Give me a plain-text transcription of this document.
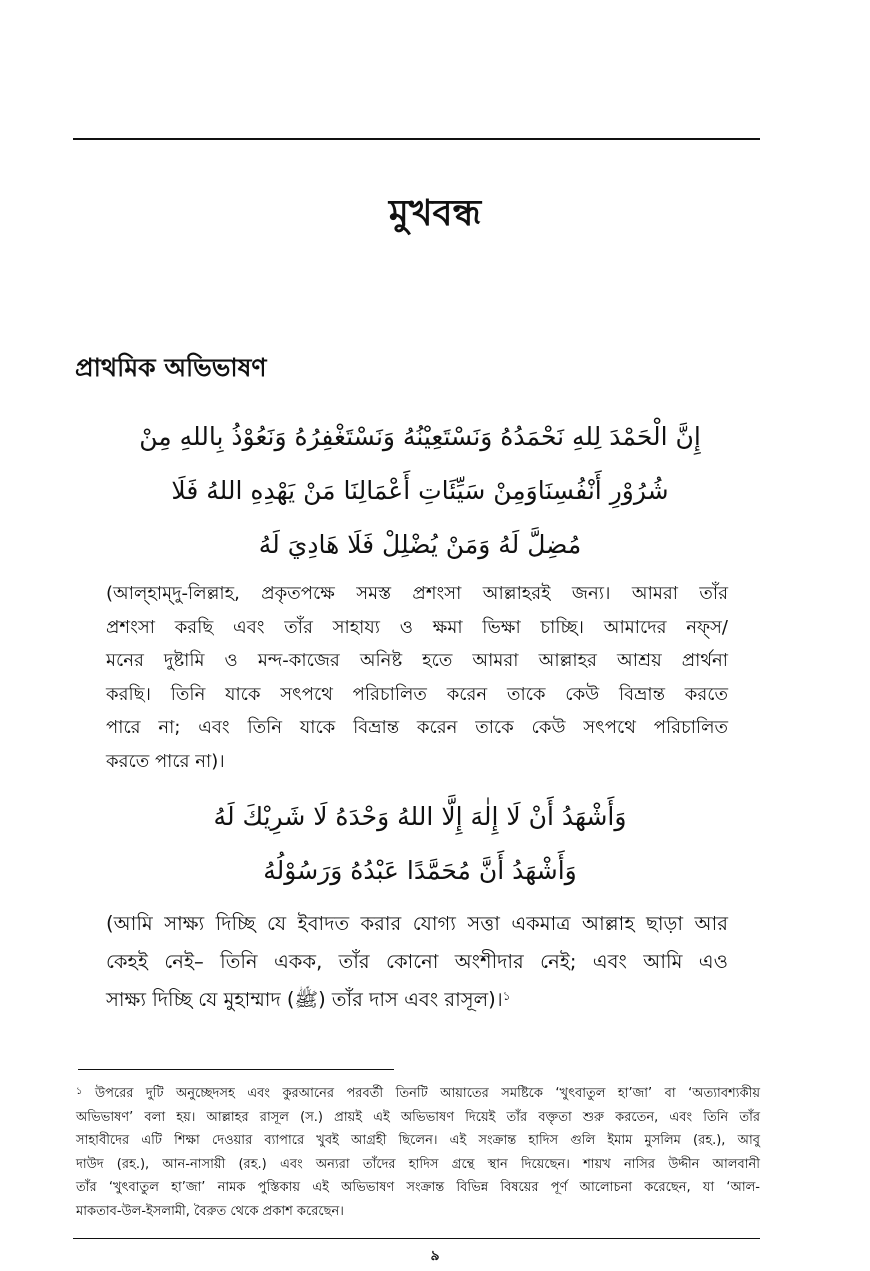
মুখবন্ধ
প্রাথমিক অভিভাষণ
إِنَّ الْحَمْدَ لِلهِ نَحْمَدُهُ وَنَسْتَعِيْنُهُ وَنَسْتَغْفِرُهُ وَنَعُوْذُ بِاللهِ مِنْ
شُرُوْرِ أَنْفُسِنَاوَمِنْ سَيِّئَاتِ أَعْمَالِنَا مَنْ يَهْدِهِ اللهُ فَلَا
مُضِلَّ لَهُ وَمَنْ يُضْلِلْ فَلَا هَادِيَ لَهُ
(আল্‌হাম্‌দু-লিল্লাহ, প্রকৃতপক্ষে সমস্ত প্রশংসা আল্লাহরই জন্য। আমরা তাঁর
প্রশংসা করছি এবং তাঁর সাহায্য ও ক্ষমা ভিক্ষা চাচ্ছি। আমাদের নফ্‌স/
মনের দুষ্টামি ও মন্দ-কাজের অনিষ্ট হতে আমরা আল্লাহর আশ্রয় প্রার্থনা
করছি। তিনি যাকে সৎপথে পরিচালিত করেন তাকে কেউ বিভ্রান্ত করতে
পারে না; এবং তিনি যাকে বিভ্রান্ত করেন তাকে কেউ সৎপথে পরিচালিত
করতে পারে না)।
وَأَشْهَدُ أَنْ لَا إِلٰهَ إِلَّا اللهُ وَحْدَهُ لَا شَرِيْكَ لَهُ
وَأَشْهَدُ أَنَّ مُحَمَّدًا عَبْدُهُ وَرَسُوْلُهُ
(আমি সাক্ষ্য দিচ্ছি যে ইবাদত করার যোগ্য সত্তা একমাত্র আল্লাহ ছাড়া আর
কেহই নেই– তিনি একক, তাঁর কোনো অংশীদার নেই; এবং আমি এও
সাক্ষ্য দিচ্ছি যে মুহাম্মাদ (ﷺ) তাঁর দাস এবং রাসূল)।$^১$
$^১$ উপরের দুটি অনুচ্ছেদসহ এবং কুরআনের পরবর্তী তিনটি আয়াতের সমষ্টিকে ‘খুৎবাতুল হা’জা’ বা ‘অত্যাবশ্যকীয়
অভিভাষণ’ বলা হয়। আল্লাহর রাসূল (স.) প্রায়ই এই অভিভাষণ দিয়েই তাঁর বক্তৃতা শুরু করতেন, এবং তিনি তাঁর
সাহাবীদের এটি শিক্ষা দেওয়ার ব্যাপারে খুবই আগ্রহী ছিলেন। এই সংক্রান্ত হাদিস গুলি ইমাম মুসলিম (রহ.), আবু
দাউদ (রহ.), আন-নাসায়ী (রহ.) এবং অন্যরা তাঁদের হাদিস গ্রন্থে স্থান দিয়েছেন। শায়খ নাসির উদ্দীন আলবানী
তাঁর ‘খুৎবাতুল হা’জা’ নামক পুস্তিকায় এই অভিভাষণ সংক্রান্ত বিভিন্ন বিষয়ের পূর্ণ আলোচনা করেছেন, যা ‘আল-
মাকতাব-উল-ইসলামী, বৈরুত থেকে প্রকাশ করেছেন।
৯
